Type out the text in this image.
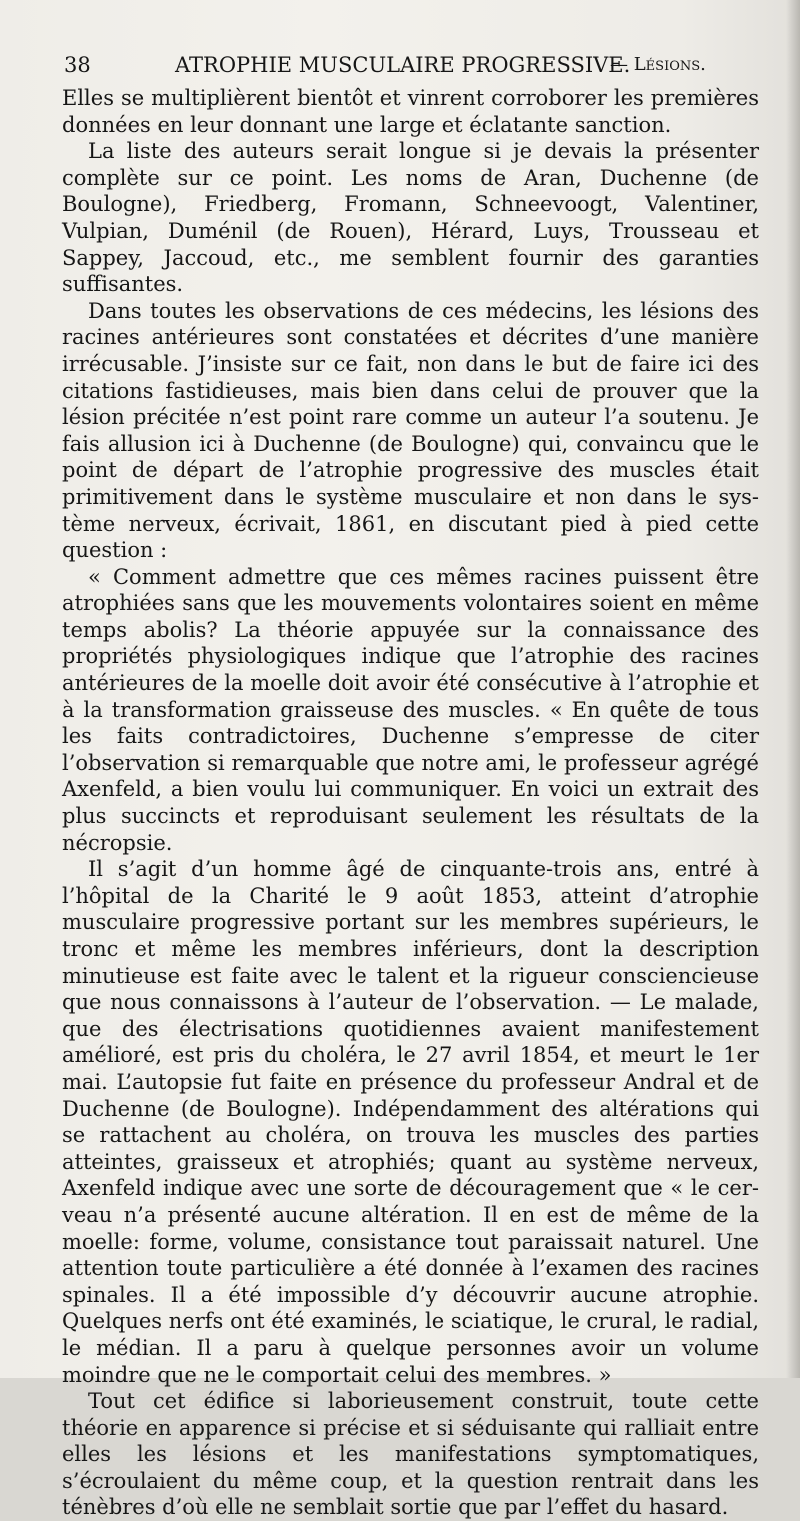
38	ATROPHIE MUSCULAIRE PROGRESSIVE.
— Lésions.

Elles se multiplièrent bientôt et vinrent corroborer les premières données en leur donnant une large et éclatante sanction.

La liste des auteurs serait longue si je devais la présenter complète sur ce point. Les noms de Aran, Duchenne (de Boulogne), Friedberg, Fromann, Schneevoogt, Valentiner, Vulpian, Duménil (de Rouen), Hérard, Luys, Trousseau et Sappey, Jaccoud, etc., me semblent fournir des garanties suffisantes.

Dans toutes les observations de ces médecins, les lésions des racines antérieures sont constatées et décrites d’une manière irrécusable. J’insiste sur ce fait, non dans le but de faire ici des citations fastidieuses, mais bien dans celui de prouver que la lésion précitée n’est point rare comme un auteur l’a soutenu. Je fais allusion ici à Duchenne (de Boulogne) qui, convaincu que le point de départ de l’atrophie progressive des muscles était primitivement dans le système musculaire et non dans le système nerveux, écrivait, 1861, en discutant pied à pied cette question :

« Comment admettre que ces mêmes racines puissent être atrophiées sans que les mouvements volontaires soient en même temps abolis? La théorie appuyée sur la connaissance des propriétés physiologiques indique que l’atrophie des racines antérieures de la moelle doit avoir été consécutive à l’atrophie et à la transformation graisseuse des muscles. « En quête de tous les faits contradictoires, Duchenne s’empresse de citer l’observation si remarquable que notre ami, le professeur agrégé Axenfeld, a bien voulu lui communiquer. En voici un extrait des plus succincts et reproduisant seulement les résultats de la nécropsie.

Il s’agit d’un homme âgé de cinquante-trois ans, entré à l’hôpital de la Charité le 9 août 1853, atteint d’atrophie musculaire progressive portant sur les membres supérieurs, le tronc et même les membres inférieurs, dont la description minutieuse est faite avec le talent et la rigueur consciencieuse que nous connaissons à l’auteur de l’observation. — Le malade, que des électrisations quotidiennes avaient manifestement amélioré, est pris du choléra, le 27 avril 1854, et meurt le 1er mai. L’autopsie fut faite en présence du professeur Andral et de Duchenne (de Boulogne). Indépendamment des altérations qui se rattachent au choléra, on trouva les muscles des parties atteintes, graisseux et atrophiés; quant au système nerveux, Axenfeld indique avec une sorte de découragement que « le cerveau n’a présenté aucune altération. Il en est de même de la moelle: forme, volume, consistance tout paraissait naturel. Une attention toute particulière a été donnée à l’examen des racines spinales. Il a été impossible d’y découvrir aucune atrophie. Quelques nerfs ont été examinés, le sciatique, le crural, le radial, le médian. Il a paru à quelque personnes avoir un volume moindre que ne le comportait celui des membres. »

Tout cet édifice si laborieusement construit, toute cette théorie en apparence si précise et si séduisante qui ralliait entre elles les lésions et les manifestations symptomatiques, s’écroulaient du même coup, et la question rentrait dans les ténèbres d’où elle ne semblait sortie que par l’effet du hasard.
